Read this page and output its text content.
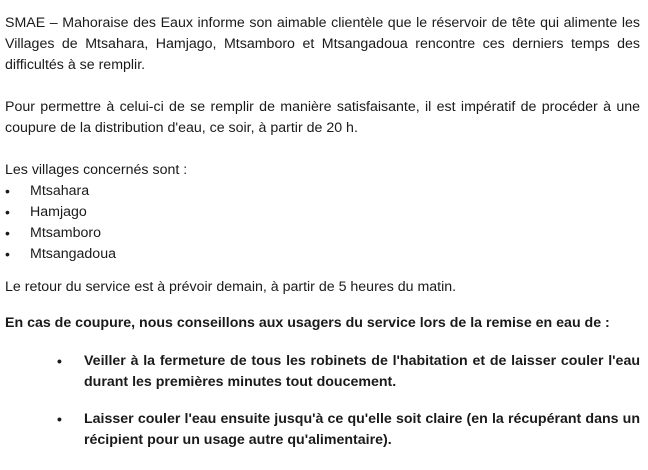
SMAE – Mahoraise des Eaux informe son aimable clientèle que le réservoir de tête qui alimente les Villages de Mtsahara, Hamjago, Mtsamboro et Mtsangadoua rencontre ces derniers temps des difficultés à se remplir.

Pour permettre à celui-ci de se remplir de manière satisfaisante, il est impératif de procéder à une coupure de la distribution d'eau, ce soir, à partir de 20 h.

Les villages concernés sont :

•	Mtsahara
•	Hamjago
•	Mtsamboro
•	Mtsangadoua

Le retour du service est à prévoir demain, à partir de 5 heures du matin.

En cas de coupure, nous conseillons aux usagers du service lors de la remise en eau de :

•	Veiller à la fermeture de tous les robinets de l'habitation et de laisser couler l'eau durant les premières minutes tout doucement.
•	Laisser couler l'eau ensuite jusqu'à ce qu'elle soit claire (en la récupérant dans un récipient pour un usage autre qu'alimentaire).
